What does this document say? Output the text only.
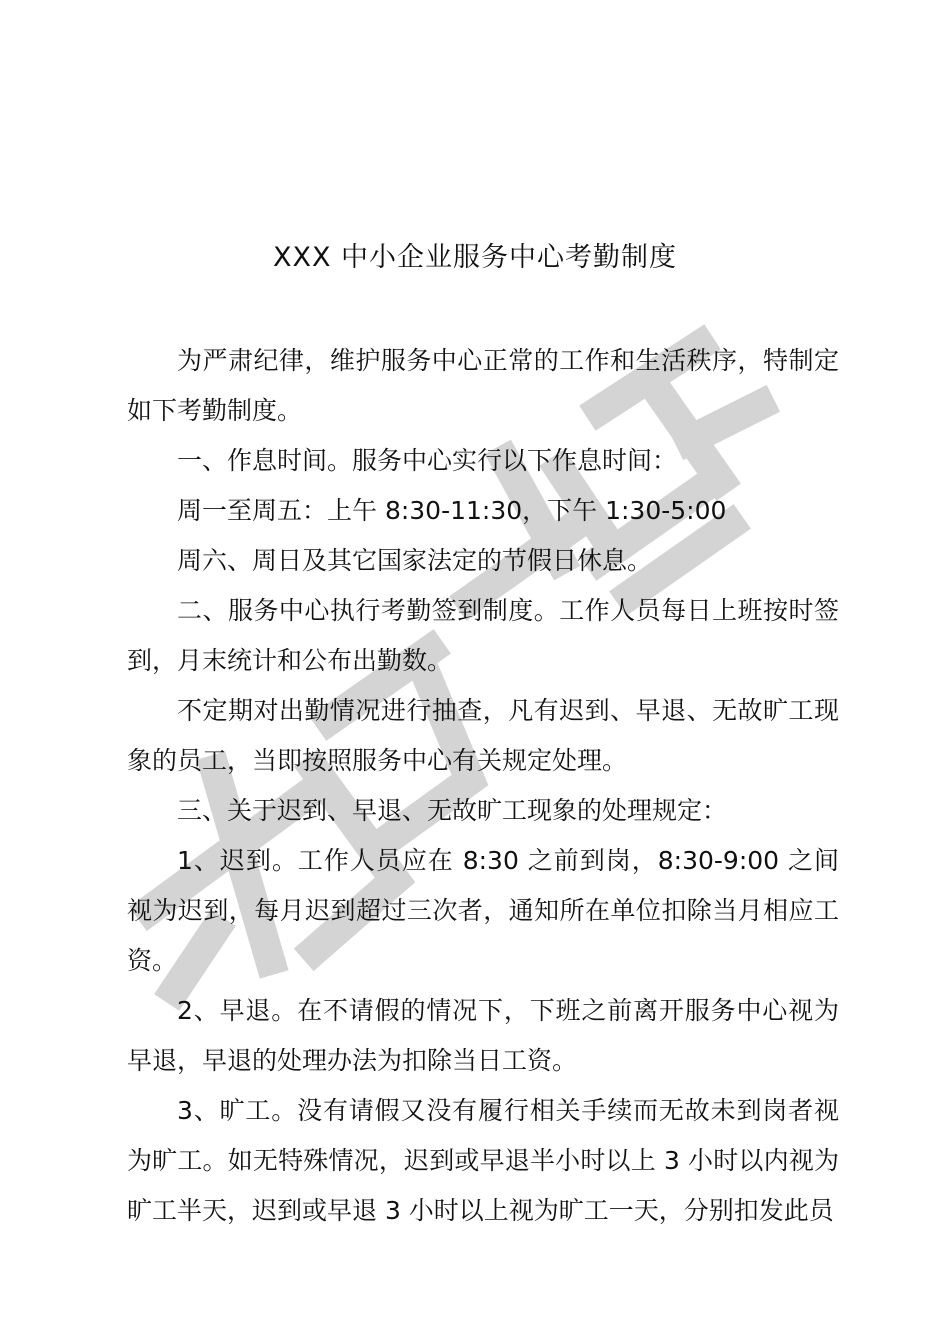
XXX 中小企业服务中心考勤制度

为严肃纪律，维护服务中心正常的工作和生活秩序，特制定如下考勤制度。

一、作息时间。服务中心实行以下作息时间：

周一至周五：上午 8:30-11:30，下午 1:30-5:00

周六、周日及其它国家法定的节假日休息。

二、服务中心执行考勤签到制度。工作人员每日上班按时签到，月末统计和公布出勤数。

不定期对出勤情况进行抽查，凡有迟到、早退、无故旷工现象的员工，当即按照服务中心有关规定处理。

三、关于迟到、早退、无故旷工现象的处理规定：

1、迟到。工作人员应在 8:30 之前到岗，8:30-9:00 之间视为迟到，每月迟到超过三次者，通知所在单位扣除当月相应工资。

2、早退。在不请假的情况下，下班之前离开服务中心视为早退，早退的处理办法为扣除当日工资。

3、旷工。没有请假又没有履行相关手续而无故未到岗者视为旷工。如无特殊情况，迟到或早退半小时以上 3 小时以内视为旷工半天，迟到或早退 3 小时以上视为旷工一天，分别扣发此员
